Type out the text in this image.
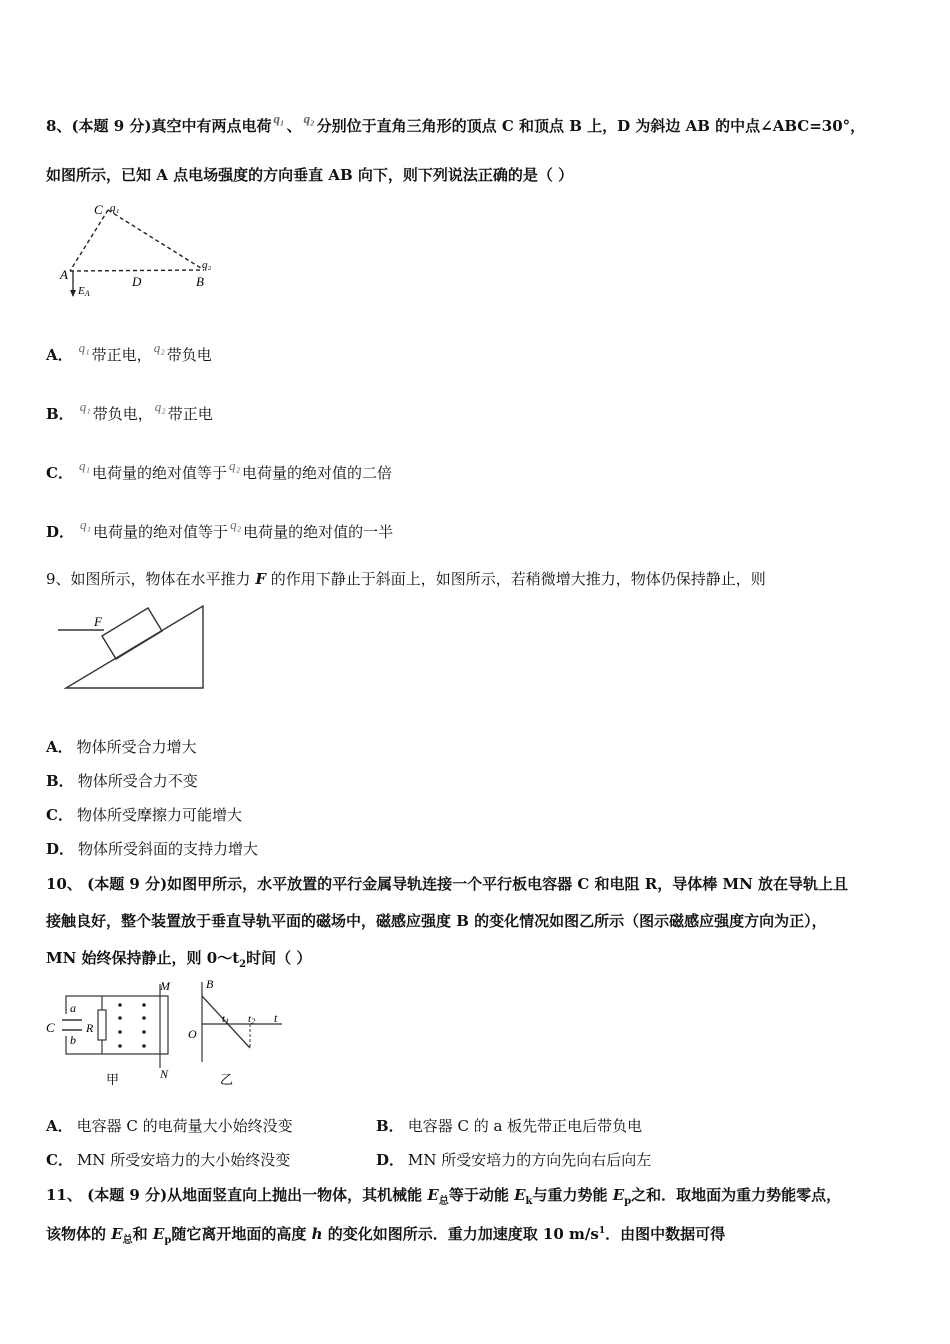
8、(本题 9 分)真空中有两点电荷 q₁ 、 q₂ 分别位于直角三角形的顶点 C 和顶点 B 上，D 为斜边 AB 的中点∠ABC=30°，
如图所示，已知 A 点电场强度的方向垂直 AB 向下，则下列说法正确的是（ ）
C q₁
A	D	B
q₂
EA
A． q₁ 带正电， q₂ 带负电
B． q₁ 带负电， q₂ 带正电
C． q₁ 电荷量的绝对值等于 q₂ 电荷量的绝对值的二倍
D． q₁ 电荷量的绝对值等于 q₂ 电荷量的绝对值的一半
9、如图所示，物体在水平推力 F 的作用下静止于斜面上，如图所示，若稍微增大推力，物体仍保持静止，则
F
A． 物体所受合力增大
B． 物体所受合力不变
C． 物体所受摩擦力可能增大
D． 物体所受斜面的支持力增大
10、 (本题 9 分)如图甲所示，水平放置的平行金属导轨连接一个平行板电容器 C 和电阻 R，导体棒 MN 放在导轨上且
接触良好，整个装置放于垂直导轨平面的磁场中，磁感应强度 B 的变化情况如图乙所示（图示磁感应强度方向为正），
MN 始终保持静止，则 $0\sim t_2$时间（ ）
a
b
C	R
M
N
甲
B
O
t1 t2 t
乙
A． 电容器 C 的电荷量大小始终没变	B． 电容器 C 的 a 板先带正电后带负电
C． MN 所受安培力的大小始终没变	D． MN 所受安培力的方向先向右后向左
11、 (本题 9 分)从地面竖直向上抛出一物体，其机械能 $E_总$等于动能 $E_k$与重力势能 $E_p$之和．取地面为重力势能零点，
该物体的 $E_总$和 $E_p$随它离开地面的高度 h 的变化如图所示．重力加速度取 10 $m/s^1$．由图中数据可得
